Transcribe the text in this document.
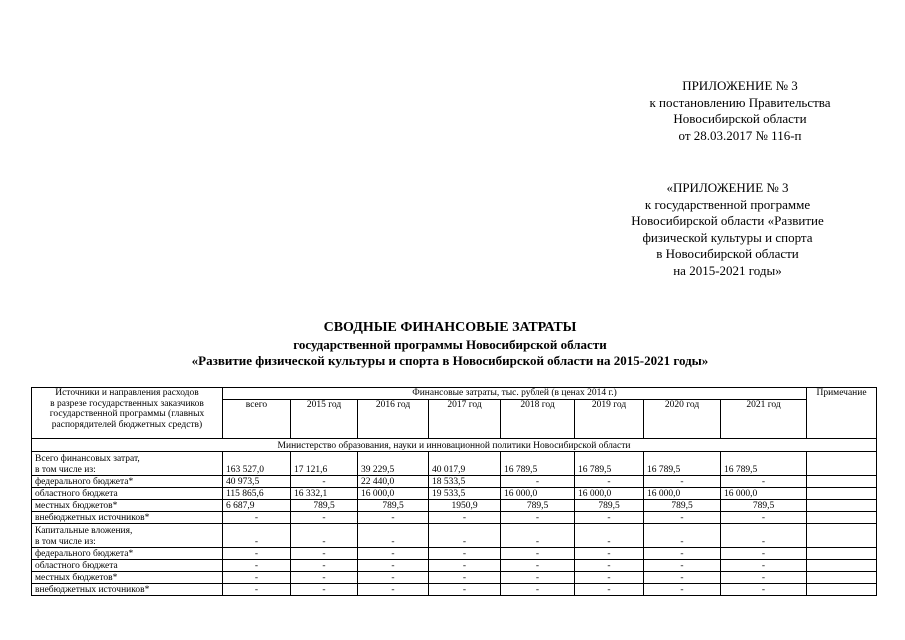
ПРИЛОЖЕНИЕ № 3
к постановлению Правительства
Новосибирской области
от 28.03.2017 № 116-п
«ПРИЛОЖЕНИЕ № 3
к государственной программе
Новосибирской области «Развитие
физической культуры и спорта
в Новосибирской области
на 2015-2021 годы»
СВОДНЫЕ ФИНАНСОВЫЕ ЗАТРАТЫ
государственной программы Новосибирской области
«Развитие физической культуры и спорта в Новосибирской области на 2015-2021 годы»
Источники и направления расходов
в разрезе государственных заказчиков
государственной программы (главных
распорядителей бюджетных средств)	Финансовые затраты, тыс. рублей (в ценах 2014 г.)								Примечание
	всего	2015 год	2016 год	2017 год	2018 год	2019 год	2020 год	2021 год	
Министерство образования, науки и инновационной политики Новосибирской области									

Всего финансовых затрат,
в том числе из:	163 527,0	17 121,6	39 229,5	40 017,9	16 789,5	16 789,5	16 789,5	16 789,5	
федерального бюджета*	40 973,5	-	22 440,0	18 533,5	-	-	-	-	
областного бюджета	115 865,6	16 332,1	16 000,0	19 533,5	16 000,0	16 000,0	16 000,0	16 000,0	
местных бюджетов*	6 687,9	789,5	789,5	1950,9	789,5	789,5	789,5	789,5	
внебюджетных источников*	-	-	-	-	-	-	-	-	

Капитальные вложения,
в том числе из:	-	-	-	-	-	-	-	-	
федерального бюджета*	-	-	-	-	-	-	-	-	
областного бюджета	-	-	-	-	-	-	-	-	
местных бюджетов*	-	-	-	-	-	-	-	-	
внебюджетных источников*	-	-	-	-	-	-	-	-	
